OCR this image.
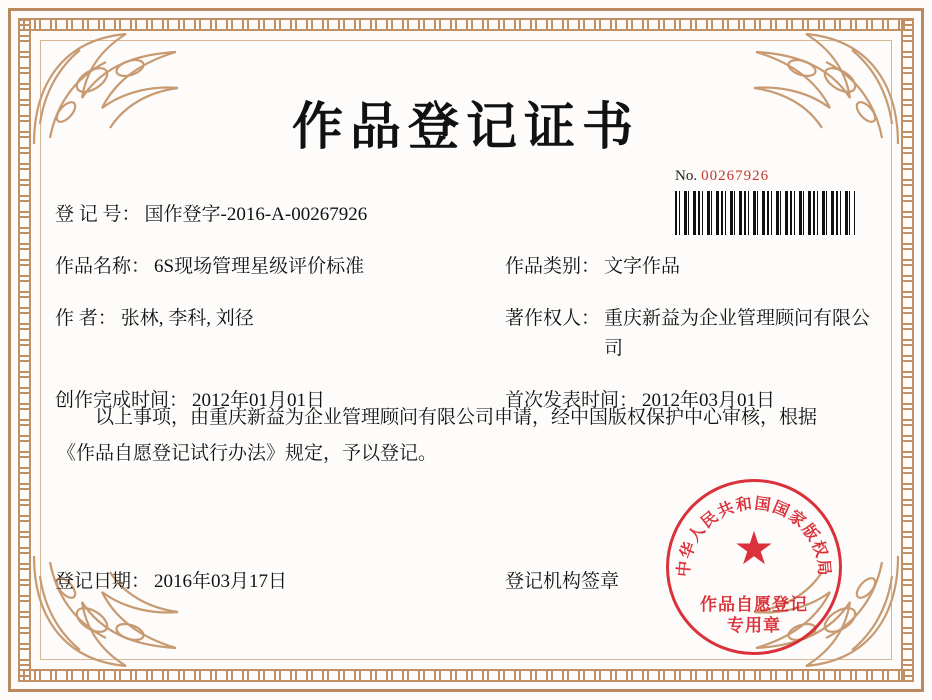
作品登记证书
No. 00267926
登 记 号： 国作登字-2016-A-00267926
作品名称： 6S现场管理星级评价标准	作品类别： 文字作品
作 者： 张林, 李科, 刘径	著作权人： 重庆新益为企业管理顾问有限公司
创作完成时间： 2012年01月01日	首次发表时间： 2012年03月01日
以上事项，由重庆新益为企业管理顾问有限公司申请，经中国版权保护中心审核，根据
《作品自愿登记试行办法》规定，予以登记。
登记日期： 2016年03月17日	登记机构签章
中华人民共和国国家版权局
★
作品自愿登记
专用章
